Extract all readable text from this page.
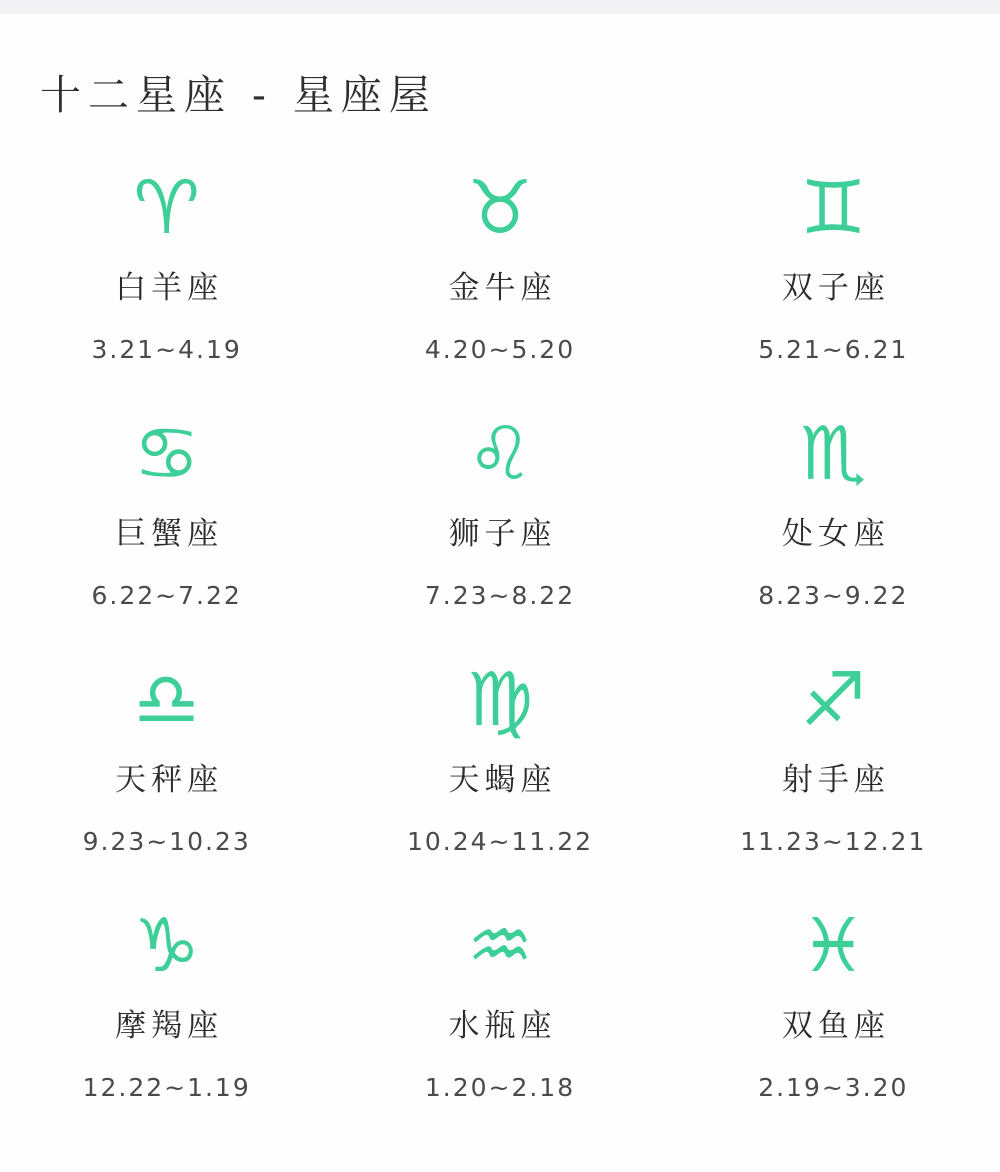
十二星座 - 星座屋
♈
白羊座
3.21~4.19
♉
金牛座
4.20~5.20
♊
双子座
5.21~6.21
♋
巨蟹座
6.22~7.22
♌
狮子座
7.23~8.22
♏
处女座
8.23~9.22
♎
天秤座
9.23~10.23
♍
天蝎座
10.24~11.22
♐
射手座
11.23~12.21
♑
摩羯座
12.22~1.19
♒
水瓶座
1.20~2.18
♓
双鱼座
2.19~3.20
